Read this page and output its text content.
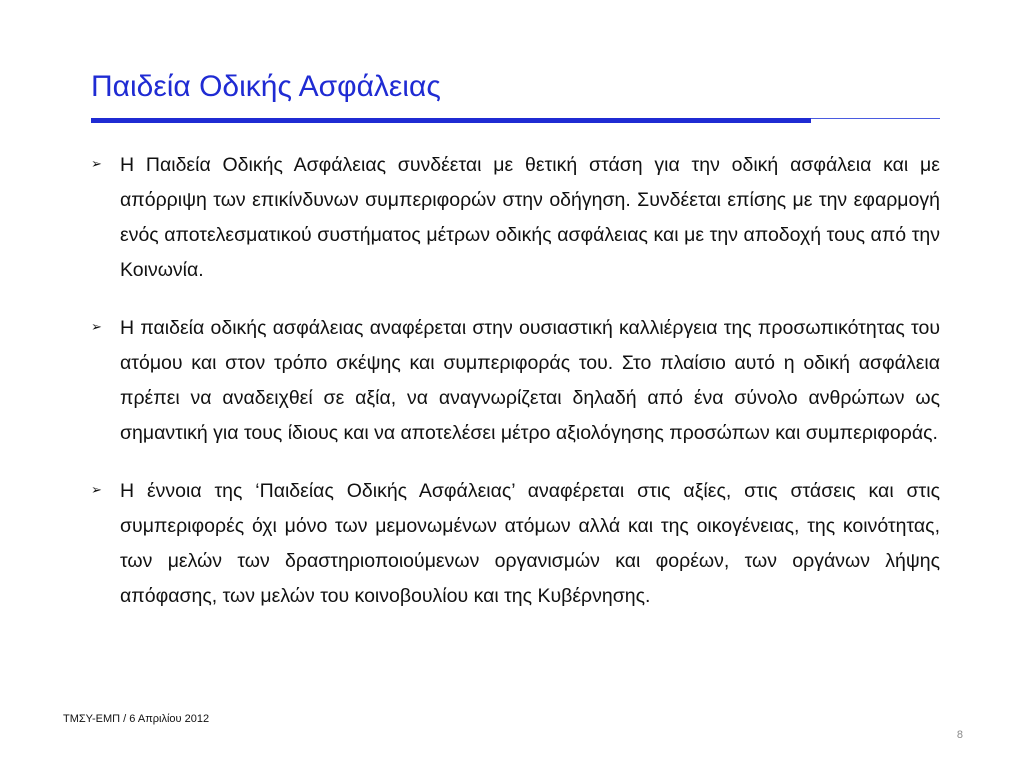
Παιδεία Οδικής Ασφάλειας
➢ Η Παιδεία Οδικής Ασφάλειας συνδέεται με θετική στάση για την οδική ασφάλεια και με απόρριψη των επικίνδυνων συμπεριφορών στην οδήγηση. Συνδέεται επίσης με την εφαρμογή ενός αποτελεσματικού συστήματος μέτρων οδικής ασφάλειας και με την αποδοχή τους από την Κοινωνία.
➢ Η παιδεία οδικής ασφάλειας αναφέρεται στην ουσιαστική καλλιέργεια της προσωπικότητας του ατόμου και στον τρόπο σκέψης και συμπεριφοράς του. Στο πλαίσιο αυτό η οδική ασφάλεια πρέπει να αναδειχθεί σε αξία, να αναγνωρίζεται δηλαδή από ένα σύνολο ανθρώπων ως σημαντική για τους ίδιους και να αποτελέσει μέτρο αξιολόγησης προσώπων και συμπεριφοράς.
➢ Η έννοια της ‘Παιδείας Οδικής Ασφάλειας’ αναφέρεται στις αξίες, στις στάσεις και στις συμπεριφορές όχι μόνο των μεμονωμένων ατόμων αλλά και της οικογένειας, της κοινότητας, των μελών των δραστηριοποιούμενων οργανισμών και φορέων, των οργάνων λήψης απόφασης, των μελών του κοινοβουλίου και της Κυβέρνησης.
ΤΜΣΥ-ΕΜΠ / 6 Απριλίου 2012
8
